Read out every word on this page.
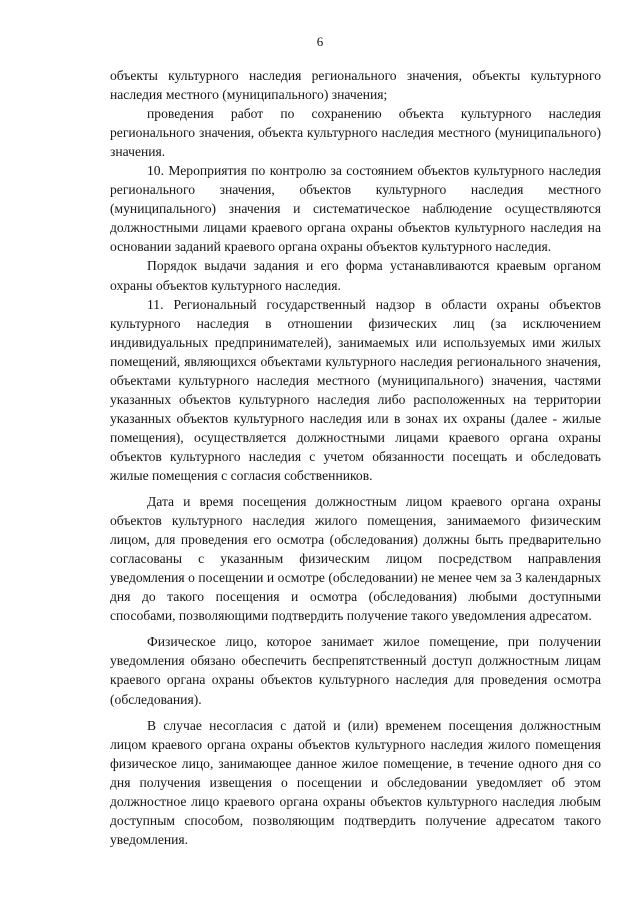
6

объекты культурного наследия регионального значения, объекты культурного наследия местного (муниципального) значения;

проведения работ по сохранению объекта культурного наследия регионального значения, объекта культурного наследия местного (муниципального) значения.

10. Мероприятия по контролю за состоянием объектов культурного наследия регионального значения, объектов культурного наследия местного (муниципального) значения и систематическое наблюдение осуществляются должностными лицами краевого органа охраны объектов культурного наследия на основании заданий краевого органа охраны объектов культурного наследия.

Порядок выдачи задания и его форма устанавливаются краевым органом охраны объектов культурного наследия.

11. Региональный государственный надзор в области охраны объектов культурного наследия в отношении физических лиц (за исключением индивидуальных предпринимателей), занимаемых или используемых ими жилых помещений, являющихся объектами культурного наследия регионального значения, объектами культурного наследия местного (муниципального) значения, частями указанных объектов культурного наследия либо расположенных на территории указанных объектов культурного наследия или в зонах их охраны (далее - жилые помещения), осуществляется должностными лицами краевого органа охраны объектов культурного наследия с учетом обязанности посещать и обследовать жилые помещения с согласия собственников.

Дата и время посещения должностным лицом краевого органа охраны объектов культурного наследия жилого помещения, занимаемого физическим лицом, для проведения его осмотра (обследования) должны быть предварительно согласованы с указанным физическим лицом посредством направления уведомления о посещении и осмотре (обследовании) не менее чем за 3 календарных дня до такого посещения и осмотра (обследования) любыми доступными способами, позволяющими подтвердить получение такого уведомления адресатом.

Физическое лицо, которое занимает жилое помещение, при получении уведомления обязано обеспечить беспрепятственный доступ должностным лицам краевого органа охраны объектов культурного наследия для проведения осмотра (обследования).

В случае несогласия с датой и (или) временем посещения должностным лицом краевого органа охраны объектов культурного наследия жилого помещения физическое лицо, занимающее данное жилое помещение, в течение одного дня со дня получения извещения о посещении и обследовании уведомляет об этом должностное лицо краевого органа охраны объектов культурного наследия любым доступным способом, позволяющим подтвердить получение адресатом такого уведомления.
